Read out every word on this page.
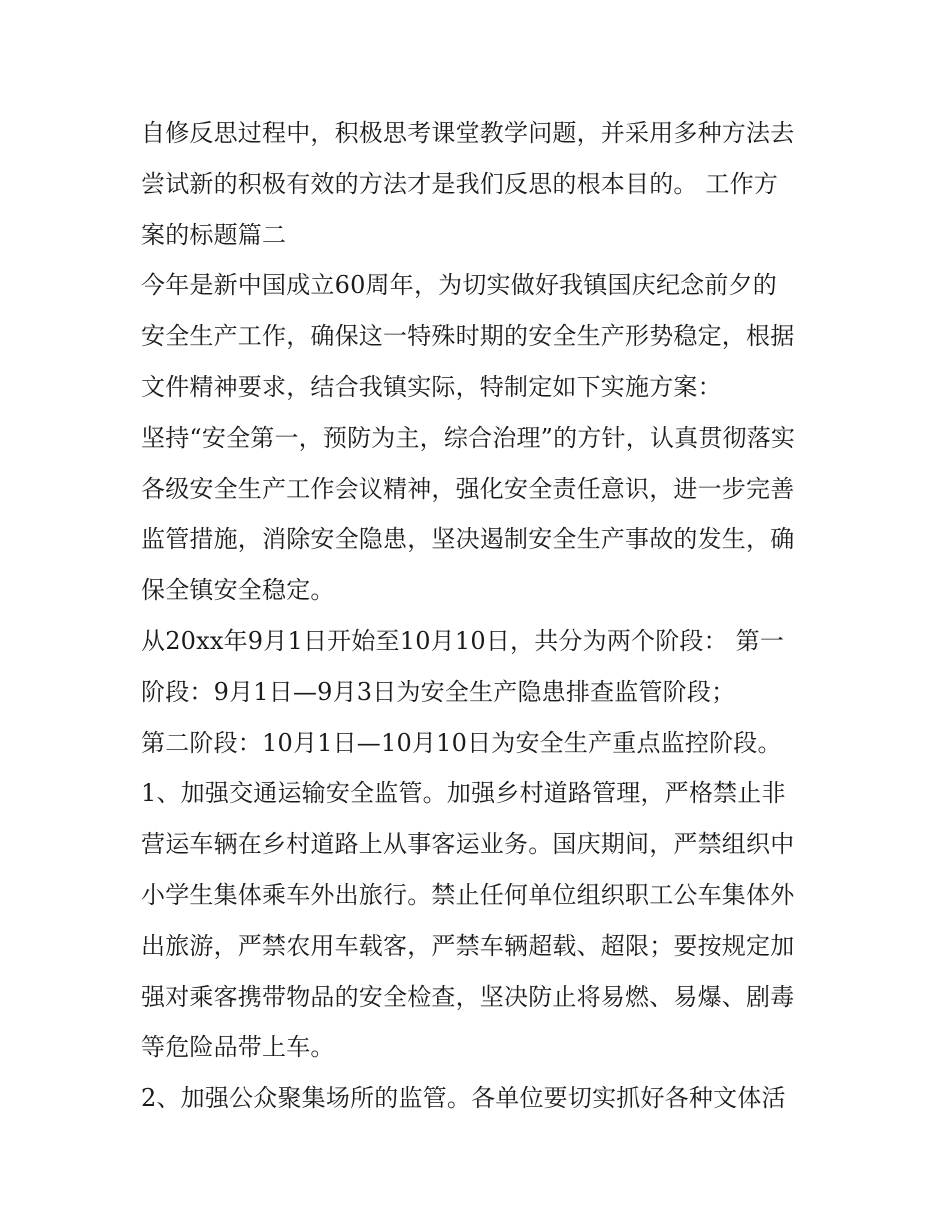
自修反思过程中，积极思考课堂教学问题，并采用多种方法去
尝试新的积极有效的方法才是我们反思的根本目的。 工作方
案的标题篇二
今年是新中国成立60周年，为切实做好我镇国庆纪念前夕的
安全生产工作，确保这一特殊时期的安全生产形势稳定，根据
文件精神要求，结合我镇实际，特制定如下实施方案：
坚持“安全第一，预防为主，综合治理”的方针，认真贯彻落实
各级安全生产工作会议精神，强化安全责任意识，进一步完善
监管措施，消除安全隐患，坚决遏制安全生产事故的发生，确
保全镇安全稳定。
从20xx年9月1日开始至10月10日，共分为两个阶段： 第一
阶段：9月1日—9月3日为安全生产隐患排查监管阶段；
第二阶段：10月1日—10月10日为安全生产重点监控阶段。
1、加强交通运输安全监管。加强乡村道路管理，严格禁止非
营运车辆在乡村道路上从事客运业务。国庆期间，严禁组织中
小学生集体乘车外出旅行。禁止任何单位组织职工公车集体外
出旅游，严禁农用车载客，严禁车辆超载、超限；要按规定加
强对乘客携带物品的安全检查，坚决防止将易燃、易爆、剧毒
等危险品带上车。
2、加强公众聚集场所的监管。各单位要切实抓好各种文体活
